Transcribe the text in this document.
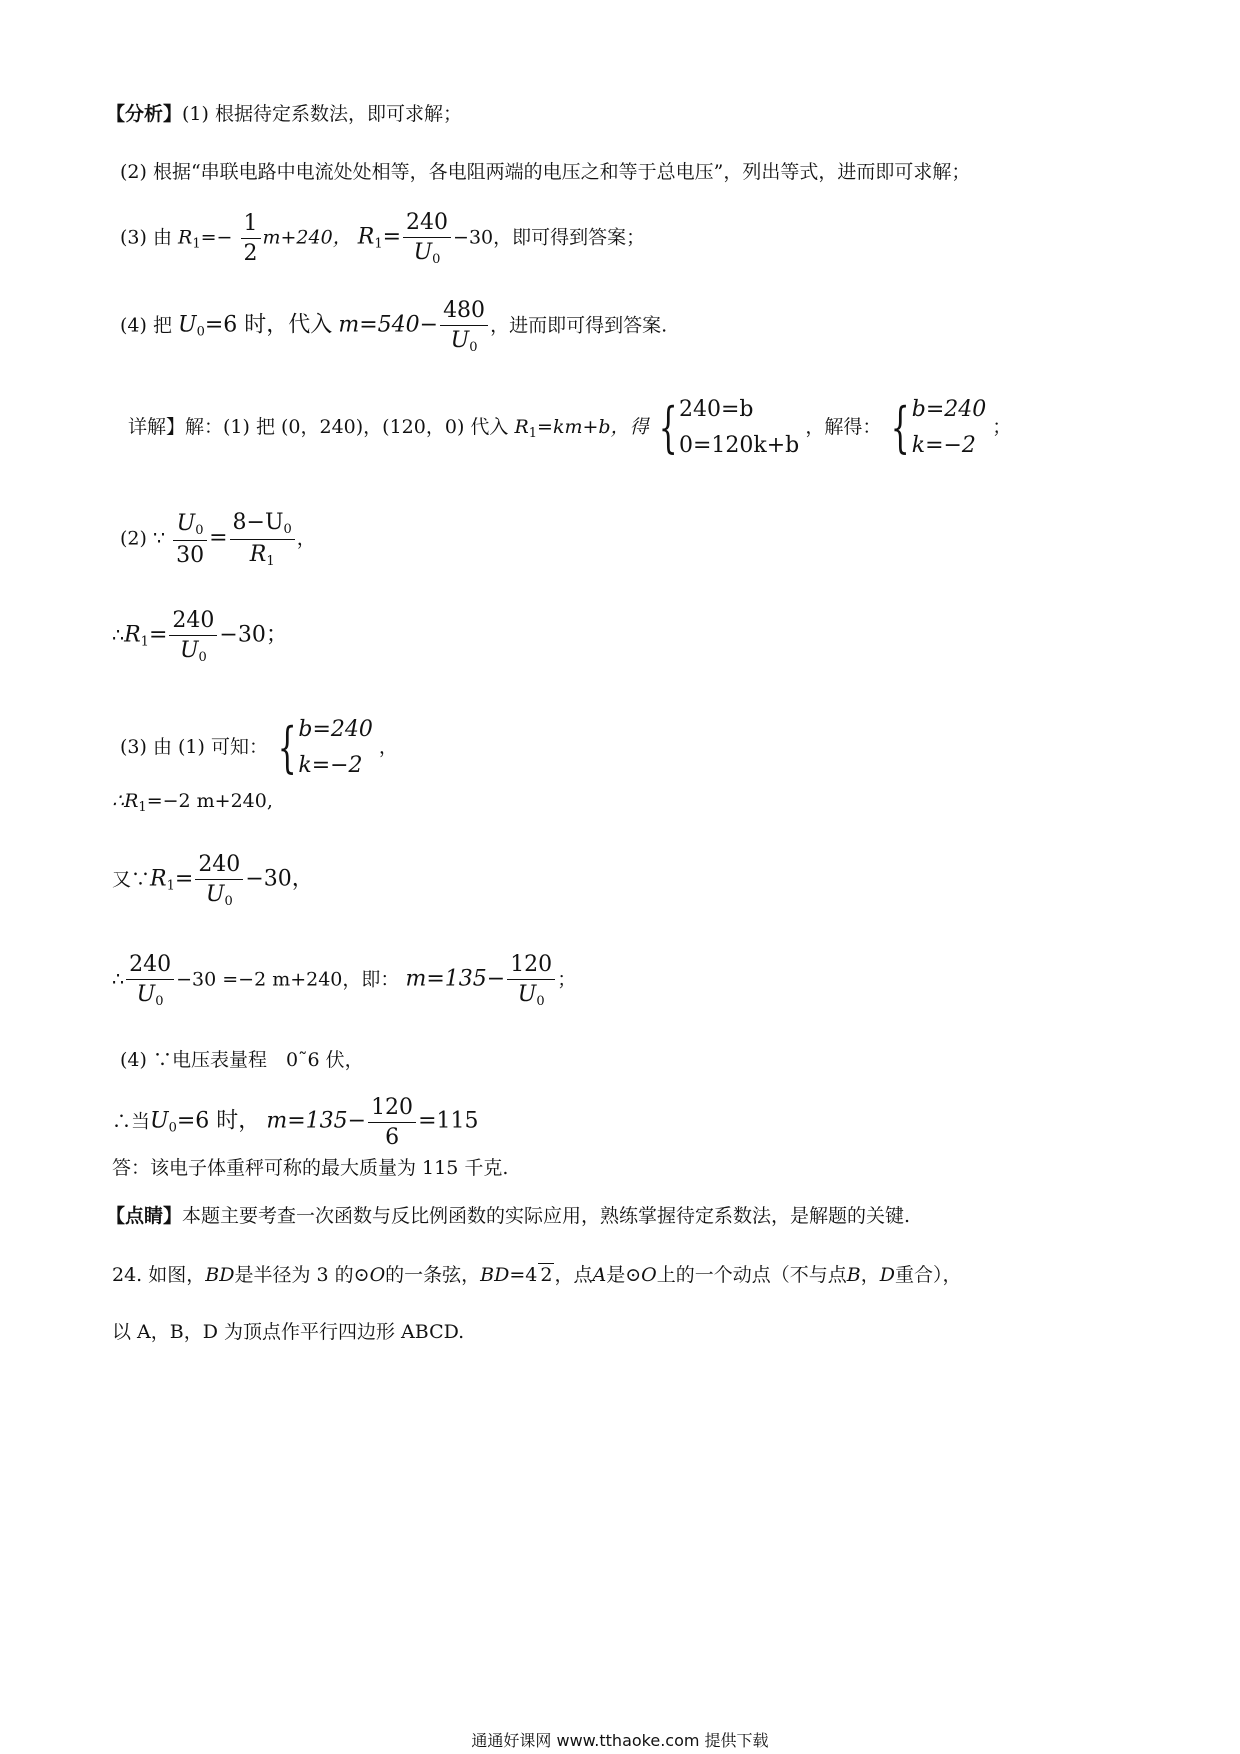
【分析】(1) 根据待定系数法，即可求解；
(2) 根据“串联电路中电流处处相等，各电阻两端的电压之和等于总电压”，列出等式，进而即可求解；
(3) 由 $R_1=- \frac{1}{2} m+240$， $R_1= \frac{240}{U_0} -30$，即可得到答案；
(4) 把 $U_0=6$ 时，代入 $m=540- \frac{480}{U_0}$ ，进而即可得到答案.
详解】解：(1) 把 (0，240)，(120，0) 代入 $R_1=km+b$，得 { 240=b
0=120k+b
，解得： { b=240
k=−2
；
(2) ∵ $\frac{U_0}{30} = \frac{8-U_0}{R_1}$ ，
$\therefore R_1= \frac{240}{U_0} -30$；
(3) 由 (1) 可知： { b=240
k=−2
，
$\therefore R_1=-2$ m+240,
又$\because R_1= \frac{240}{U_0} -30$，
∴ $\frac{240}{U_0} -30 =-2$ m+240，即： $m=135- \frac{120}{U_0}$ ；
(4) ∵电压表量程　0˜6 伏，
∴当$U_0=6$ 时， $m=135- \frac{120}{6} =115$
答：该电子体重秤可称的最大质量为 115 千克.
【点睛】本题主要考查一次函数与反比例函数的实际应用，熟练掌握待定系数法，是解题的关键.
24. 如图，BD是半径为 3 的⊙O的一条弦，BD=4 2 ，点A是⊙O上的一个动点（不与点B，D重合），
以 A，B，D 为顶点作平行四边形 ABCD.
通通好课网 www.tthaoke.com 提供下载
